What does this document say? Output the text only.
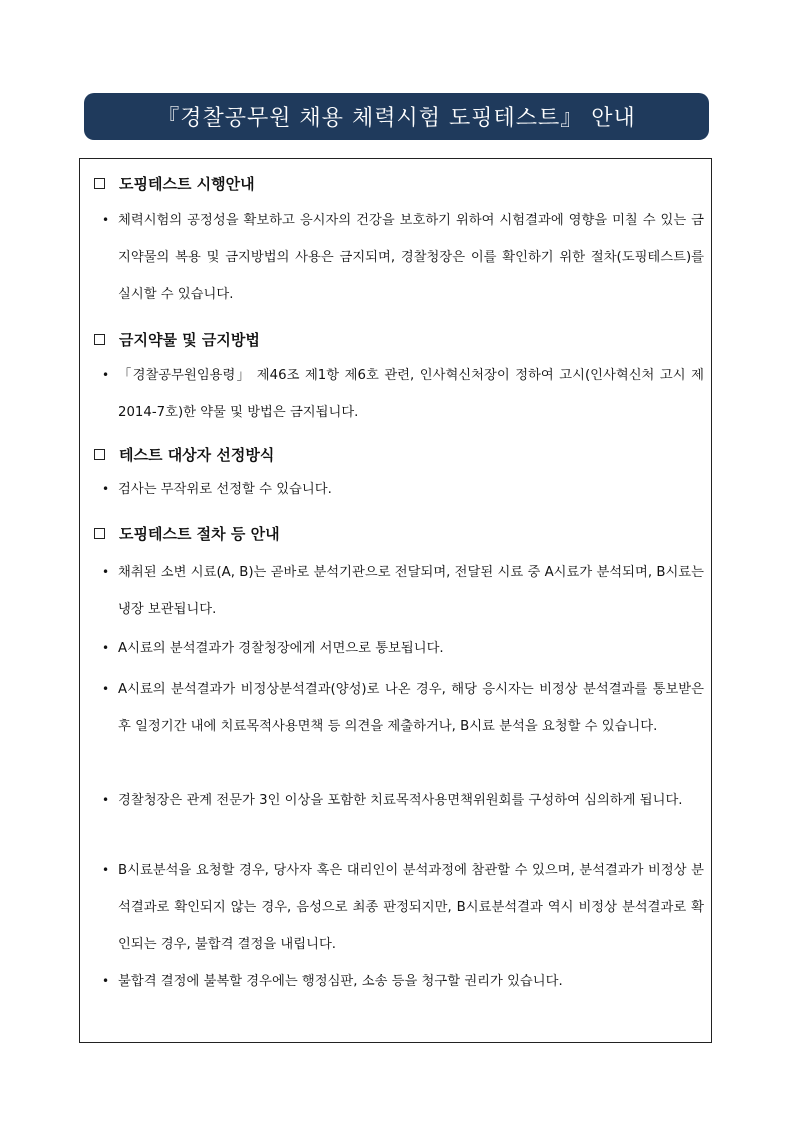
『경찰공무원 채용 체력시험 도핑테스트』 안내
도핑테스트 시행안내
• 체력시험의 공정성을 확보하고 응시자의 건강을 보호하기 위하여 시험결과에 영향을 미칠 수 있는 금지약물의 복용 및 금지방법의 사용은 금지되며, 경찰청장은 이를 확인하기 위한 절차(도핑테스트)를 실시할 수 있습니다.
금지약물 및 금지방법
• 「경찰공무원임용령」 제46조 제1항 제6호 관련, 인사혁신처장이 정하여 고시(인사혁신처 고시 제2014-7호)한 약물 및 방법은 금지됩니다.
테스트 대상자 선정방식
• 검사는 무작위로 선정할 수 있습니다.
도핑테스트 절차 등 안내
• 채취된 소변 시료(A, B)는 곧바로 분석기관으로 전달되며, 전달된 시료 중 A시료가 분석되며, B시료는 냉장 보관됩니다.
• A시료의 분석결과가 경찰청장에게 서면으로 통보됩니다.
• A시료의 분석결과가 비정상분석결과(양성)로 나온 경우, 해당 응시자는 비정상 분석결과를 통보받은 후 일정기간 내에 치료목적사용면책 등 의견을 제출하거나, B시료 분석을 요청할 수 있습니다.
• 경찰청장은 관계 전문가 3인 이상을 포함한 치료목적사용면책위원회를 구성하여 심의하게 됩니다.
• B시료분석을 요청할 경우, 당사자 혹은 대리인이 분석과정에 참관할 수 있으며, 분석결과가 비정상 분석결과로 확인되지 않는 경우, 음성으로 최종 판정되지만, B시료분석결과 역시 비정상 분석결과로 확인되는 경우, 불합격 결정을 내립니다.
• 불합격 결정에 불복할 경우에는 행정심판, 소송 등을 청구할 권리가 있습니다.
